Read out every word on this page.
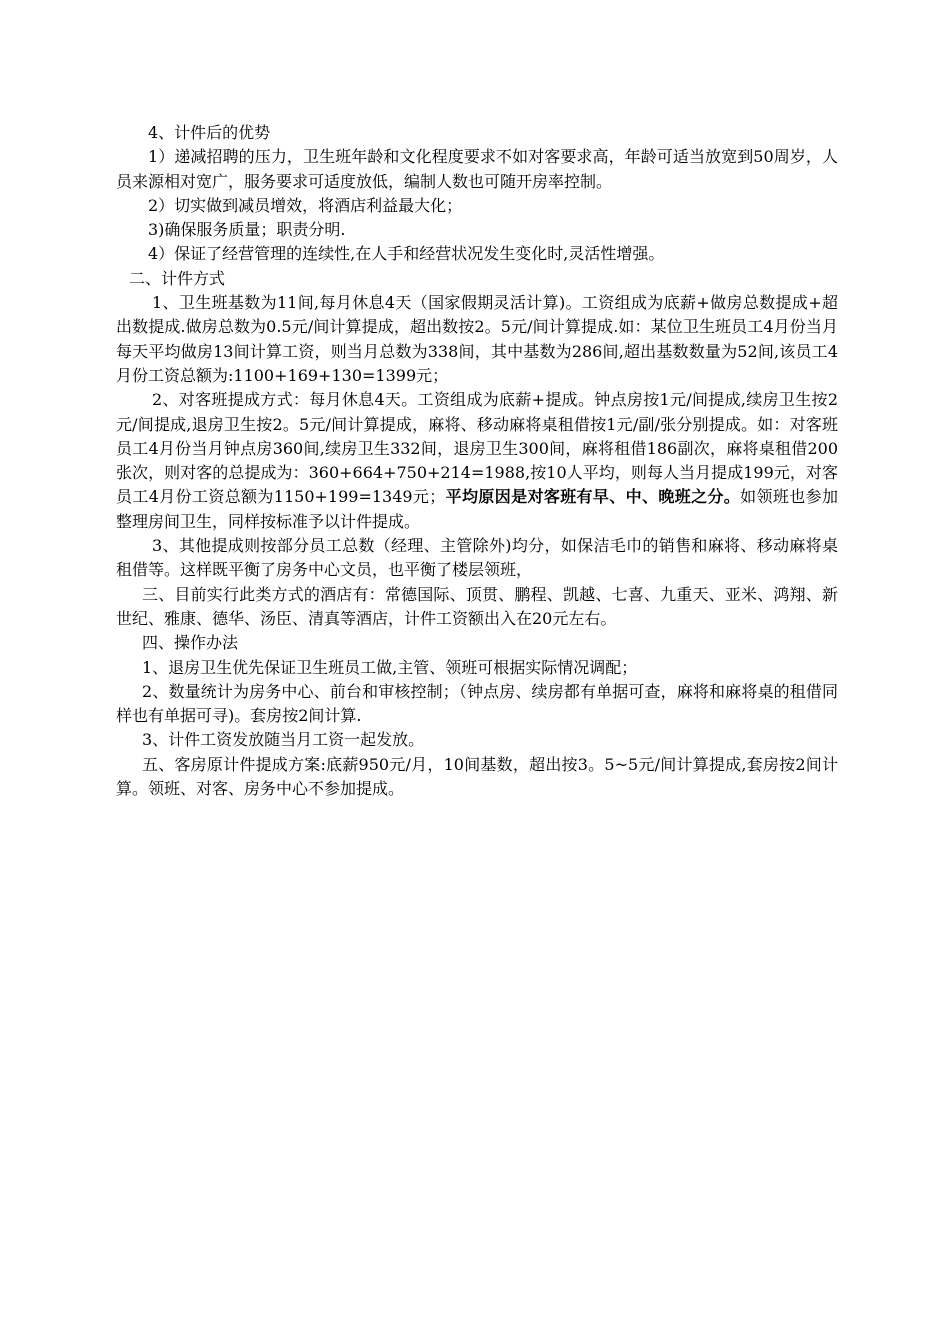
4、计件后的优势

1）递减招聘的压力，卫生班年龄和文化程度要求不如对客要求高，年龄可适当放宽到50周岁，人员来源相对宽广，服务要求可适度放低，编制人数也可随开房率控制。

2）切实做到减员增效，将酒店利益最大化；

3)确保服务质量；职责分明.

4）保证了经营管理的连续性,在人手和经营状况发生变化时,灵活性增强。

二、计件方式

1、卫生班基数为11间,每月休息4天（国家假期灵活计算)。工资组成为底薪+做房总数提成+超出数提成.做房总数为0.5元/间计算提成，超出数按2。5元/间计算提成.如：某位卫生班员工4月份当月每天平均做房13间计算工资，则当月总数为338间，其中基数为286间,超出基数数量为52间,该员工4月份工资总额为:1100+169+130=1399元；

2、对客班提成方式：每月休息4天。工资组成为底薪+提成。钟点房按1元/间提成,续房卫生按2元/间提成,退房卫生按2。5元/间计算提成，麻将、移动麻将桌租借按1元/副/张分别提成。如：对客班员工4月份当月钟点房360间,续房卫生332间，退房卫生300间，麻将租借186副次，麻将桌租借200张次，则对客的总提成为：360+664+750+214=1988,按10人平均，则每人当月提成199元，对客员工4月份工资总额为1150+199=1349元；平均原因是对客班有早、中、晚班之分。如领班也参加整理房间卫生，同样按标准予以计件提成。

3、其他提成则按部分员工总数（经理、主管除外)均分，如保洁毛巾的销售和麻将、移动麻将桌租借等。这样既平衡了房务中心文员，也平衡了楼层领班，

三、目前实行此类方式的酒店有：常德国际、顶贯、鹏程、凯越、七喜、九重天、亚米、鸿翔、新世纪、雅康、德华、汤臣、清真等酒店，计件工资额出入在20元左右。

四、操作办法

1、退房卫生优先保证卫生班员工做,主管、领班可根据实际情况调配；

2、数量统计为房务中心、前台和审核控制；（钟点房、续房都有单据可查，麻将和麻将桌的租借同样也有单据可寻)。套房按2间计算.

3、计件工资发放随当月工资一起发放。

五、客房原计件提成方案:底薪950元/月，10间基数，超出按3。5~5元/间计算提成,套房按2间计算。领班、对客、房务中心不参加提成。
